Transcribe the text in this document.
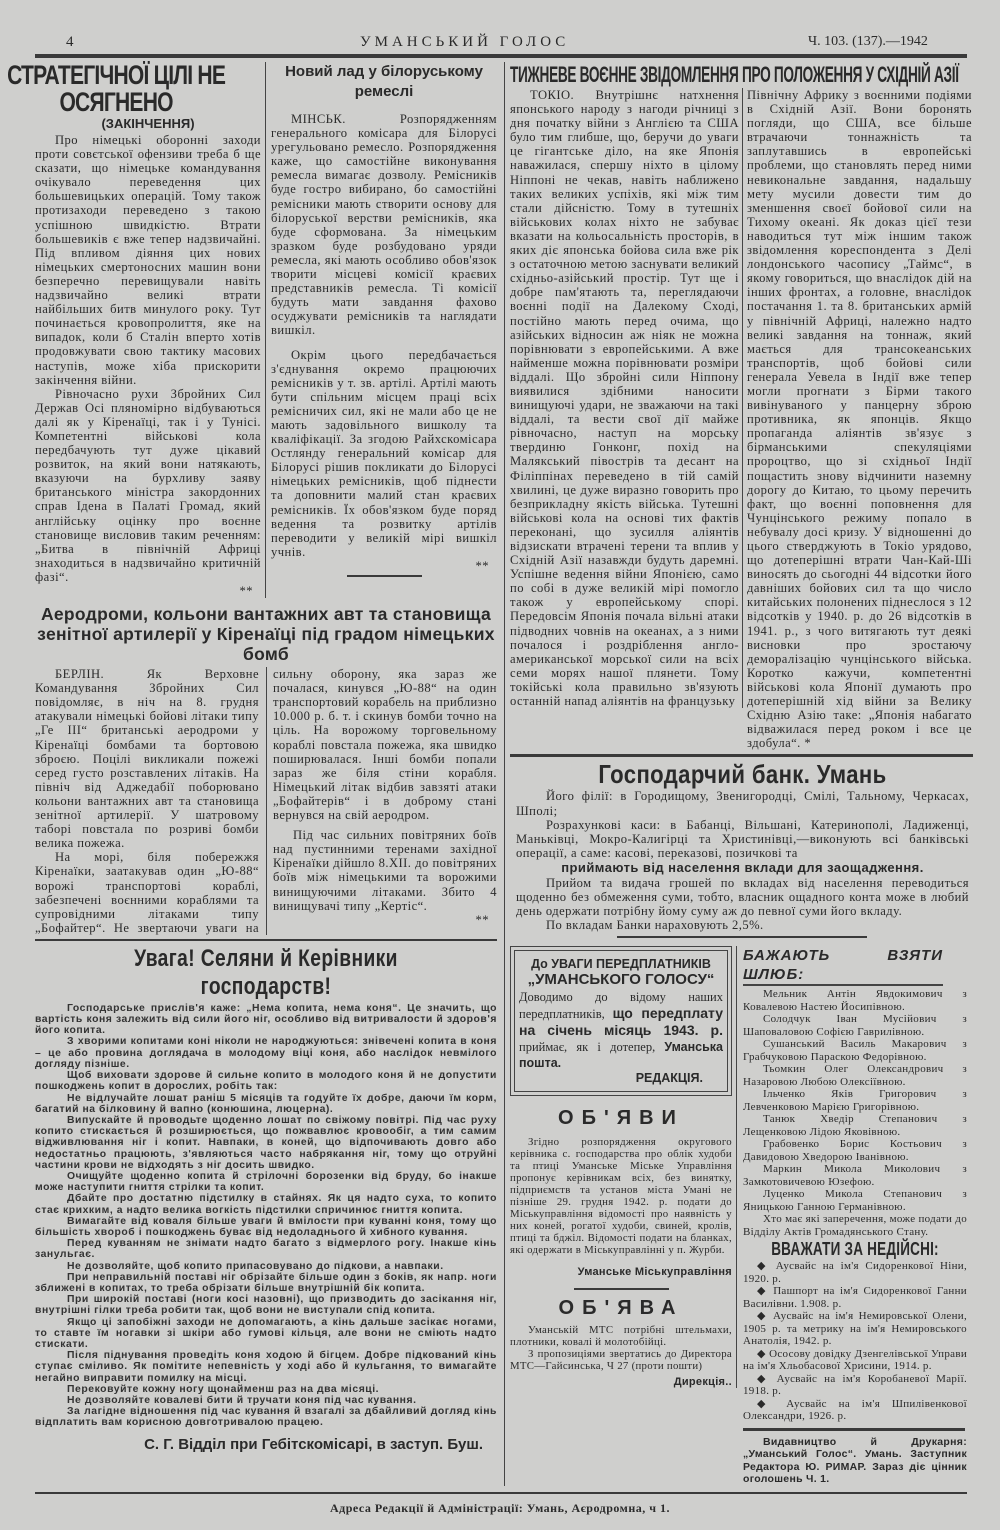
4	УМАНСЬКИЙ ГОЛОС	Ч. 103. (137).—1942
СТРАТЕГІЧНОЇ ЦІЛІ НЕ ОСЯГНЕНО
(ЗАКІНЧЕННЯ)

Про німецькі оборонні заходи проти совєтської офензиви треба б ще сказати, що німецьке командування очікувало переведення цих большевицьких операцій. Тому також протизаходи переведено з такою успішною швидкістю. Втрати большевиків є вже тепер надзвичайні. Під впливом діяння цих нових німецьких смертоносних машин вони безперечно перевищували навіть надзвичайно великі втрати найбільших битв минулого року. Тут починається кровопролиття, яке на випадок, коли б Сталін вперто хотів продовжувати свою тактику масових наступів, може хіба прискорити закінчення війни.

Рівночасно рухи Збройних Сил Держав Осі пляномірно відбуваються далі як у Кіренаїці, так і у Тунісі. Компетентні військові кола передбачують тут дуже цікавий розвиток, на який вони натякають, вказуючи на бурхливу заяву британського міністра закордонних справ Ідена в Палаті Громад, який англійську оцінку про воєнне становище висловив таким реченням: „Битва в північній Африці знаходиться в надзвичайно критичній фазі“.

**
Новий лад у білоруському ремеслі

МІНСЬК. Розпорядженням генерального комісара для Білорусі урегульовано ремесло. Розпорядження каже, що самостійне виконування ремесла вимагає дозволу. Ремісників буде гостро вибирано, бо самостійні ремісники мають створити основу для білоруської верстви ремісників, яка буде сформована. За німецьким зразком буде розбудовано уряди ремесла, які мають особливо обов'язок творити місцеві комісії краєвих представників ремесла. Ті комісії будуть мати завдання фахово осуджувати ремісників та наглядати вишкіл.

Окрім цього передбачається з'єднування окремо працюючих ремісників у т. зв. артілі. Артілі мають бути спільним місцем праці всіх ремісничих сил, які не мали або це не мають задовільного вишколу та кваліфікації. За згодою Райхскомісара Остлянду генеральний комісар для Білорусі рішив покликати до Білорусі німецьких ремісників, щоб піднести та доповнити малий стан краєвих ремісників. Їх обов'язком буде поряд ведення та розвитку артілів переводити у великій мірі вишкіл учнів.

**
Аеродроми, кольони вантажних авт та становища зенітної артилерії у Кіренаїці під градом німецьких бомб

БЕРЛІН. Як Верховне Командування Збройних Сил повідомляє, в ніч на 8. грудня атакували німецькі бойові літаки типу „Ге III“ британські аеродроми у Кіренаїці бомбами та бортовою зброєю. Поцілі викликали пожежі серед густо розставлених літаків. На північ від Аджедабії поборювано кольони вантажних авт та становища зенітної артилерії. У шатровому таборі повстала по розриві бомби велика пожежа.

На морі, біля побережжя Кіренаїки, заатакував один „Ю-88“ ворожі транспортові кораблі, забезпечені воєнними кораблями та супровідними літаками типу „Бофайтер“. Не звертаючи уваги на сильну оборону, яка зараз же почалася, кинувся „Ю-88“ на один транспортовий корабель на приблизно 10.000 р. б. т. і скинув бомби точно на ціль. На ворожому торговельному кораблі повстала пожежа, яка швидко поширювалася. Інші бомби попали зараз же біля стіни корабля. Німецький літак відбив завзяті атаки „Бофайтерів“ і в доброму стані вернувся на свій аеродром.

Під час сильних повітряних боїв над пустинними теренами західної Кіренаїки дійшло 8.XII. до повітряних боїв між німецькими та ворожими винищуючими літаками. Збито 4 винищувачі типу „Кертіс“.

**
Увага! Селяни й Керівники господарств!

Господарське прислів'я каже: „Нема копита, нема коня“. Це значить, що вартість коня залежить від сили його ніг, особливо від витривалости й здоров'я його копита.

З хворими копитами коні ніколи не народжуються: знівечені копита в коня – це або провина доглядача в молодому віці коня, або наслідок невмілого догляду пізніше.

Щоб виховати здорове й сильне копито в молодого коня й не допустити пошкоджень копит в дорослих, робіть так:

Не відлучайте лошат раніш 5 місяців та годуйте їх добре, даючи їм корм, багатий на білковину й вапно (конюшина, люцерна).

Випускайте й проводьте щоденно лошат по свіжому повітрі. Під час руху копито стискається й розширюється, що пожвавлює кровообіг, а тим самим відживлювання ніг і копит. Навпаки, в коней, що відпочивають довго або недостатньо працюють, з'являються часто набрякання ніг, тому що отруйні частини крови не відходять з ніг досить швидко.

Очищуйте щоденно копита й стрілочні борозенки від бруду, бо інакше може наступити гниття стрілки та копит.

Дбайте про достатню підстилку в стайнях. Як ця надто суха, то копито стає крихким, а надто велика вогкість підстилки спричинює гниття копита.

Вимагайте від коваля більше уваги й вмілости при куванні коня, тому що більшість хвороб і пошкоджень буває від недоладнього й хибного кування.

Перед куванням не знімати надто багато з відмерлого рогу. Інакше кінь занульгає.

Не дозволяйте, щоб копито припасовувано до підкови, а навпаки.

При неправильній поставі ніг обрізайте більше один з боків, як напр. ноги зближені в копитах, то треба обрізати більше внутрішній бік копита.

При широкій поставі (ноги косі назовні), що призводить до засікання ніг, внутрішні гілки треба робити так, щоб вони не виступали спід копита.

Якщо ці запобіжні заходи не допомагають, а кінь дальше засікає ногами, то ставте їм ногавки зі шкіри або гумові кільця, але вони не сміють надто стискати.

Після піднування проведіть коня ходою й бігцем. Добре підкований кінь ступає сміливо. Як помітите непевність у ході або й кульгання, то вимагайте негайно виправити помилку на місці.

Перековуйте кожну ногу щонайменш раз на два місяці.

Не дозволяйте ковалеві бити й тручати коня під час кування.

За лагідне відношення під час кування й взагалі за дбайливий догляд кінь відплатить вам корисною довготривалою працею.

С. Г. Відділ при Гебітскомісарі, в заступ. Буш.
ТИЖНЕВЕ ВОЄННЕ ЗВІДОМЛЕННЯ ПРО ПОЛОЖЕННЯ У СХІДНІЙ АЗІЇ

ТОКІО. Внутрішнє натхнення японського народу з нагоди річниці з дня початку війни з Англією та США було тим глибше, що, беручи до уваги це гігантське діло, на яке Японія наважилася, спершу ніхто в цілому Ніппоні не чекав, навіть наближено таких великих успіхів, які між тим стали дійсністю. Тому в тутешніх військових колах ніхто не забуває вказати на кольосальність просторів, в яких діє японська бойова сила вже рік з остаточною метою заснувати великий східньо-азійський простір. Тут ще і добре пам'ятають та, переглядаючи воєнні події на Далекому Сході, постійно мають перед очима, що азійських відносин аж ніяк не можна порівнювати з европейськими. А вже найменше можна порівнювати розміри віддалі. Що збройні сили Ніппону виявилися здібними наносити винищуючі удари, не зважаючи на такі віддалі, та вести свої дії майже рівночасно, наступ на морську твердиню Гонконг, похід на Малякський півострів та десант на Філіппінах переведено в тій самій хвилині, це дуже виразно говорить про безприкладну якість війська. Тутешні військові кола на основі тих фактів переконані, що зусилля аліянтів відзискати втрачені терени та вплив у Східній Азії назавжди будуть даремні. Успішне ведення війни Японією, само по собі в дуже великій мірі помогло також у европейському спорі. Передовсім Японія почала вільні атаки підводних човнів на океанах, а з ними почалося і роздріблення англо-американської морської сили на всіх семи морях нашої плянети. Тому токійські кола правильно зв'язують останній напад аліянтів на французьку

Північну Африку з воєнними подіями в Східній Азії. Вони боронять погляди, що США, все більше втрачаючи тоннажність та заплутавшись в европейські проблеми, що становлять перед ними невикональне завдання, надальшу мету мусили довести тим до зменшення своєї бойової сили на Тихому океані. Як доказ цієї тези наводиться тут між іншим також звідомлення кореспондента з Делі лондонського часопису „Таймс“, в якому говориться, що внаслідок дій на інших фронтах, а головне, внаслідок постачання 1. та 8. британських армій у північній Африці, належно надто великі завдання на тоннаж, який мається для трансокеанських транспортів, щоб бойові сили генерала Уевела в Індії вже тепер могли прогнати з Бірми такого вивінуваного у панцерну зброю противника, як японців. Якщо пропаганда аліянтів зв'язує з бірманськими спекуляціями пророцтво, що зі східньої Індії пощастить знову відчинити наземну дорогу до Китаю, то цьому перечить факт, що воєнні поповнення для Чунцінського режиму попало в небувалу досі кризу. У відношенні до цього стверджують в Токіо урядово, що дотеперішні втрати Чан-Кай-Ші виносять до сьогодні 44 відсотки його давніших бойових сил та що число китайських полонених піднеслося з 12 відсотків у 1940. р. до 26 відсотків в 1941. р., з чого витягають тут деякі висновки про зростаючу деморалізацію чунцінського війська. Коротко кажучи, компетентні військові кола Японії думають про дотеперішній хід війни за Велику Східню Азію таке: „Японія набагато відважилася перед роком і все це здобула“. *

Господарчий банк. Умань

Його філії: в Городищому, Звенигородці, Смілі, Тальному, Черкасах, Шполі;

Розрахункові каси: в Бабанці, Вільшані, Катеринополі, Ладиженці, Маньківці, Мокро-Калигірці та Христинівці,—виконують всі банківські операції, а саме: касові, переказові, позичкові та

приймають від населення вклади для заощадження.

Прийом та видача грошей по вкладах від населення переводиться щоденно без обмеження суми, тобто, власник ощадного конта може в любий день одержати потрібну йому суму аж до певної суми його вкладу.

По вкладам Банки нараховують 2,5%.

До УВАГИ ПЕРЕДПЛАТНИКІВ
„УМАНСЬКОГО ГОЛОСУ“
Доводимо до відому наших передплатників, що передплату на січень місяць 1943. р. приймає, як і дотепер, Уманська пошта.
РЕДАКЦІЯ.
ОБ'ЯВИ

Згідно розпорядження округового керівника с. господарства про облік худоби та птиці Уманське Міське Управління пропонує керівникам всіх, без винятку, підприємств та установ міста Умані не пізніше 29. грудня 1942. р. подати до Міськуправління відомості про наявність у них коней, рогатої худоби, свиней, кролів, птиці та бджіл. Відомості подати на бланках, які одержати в Міськуправлінні у п. Журби.

Уманське Міськуправління
ОБ'ЯВА

Уманській МТС потрібні штельмахи, плотники, ковалі й молотобійці.

З пропозиціями звертатись до Директора МТС—Гайсинська, Ч 27 (проти пошти)

Дирекція..
БАЖАЮТЬ ВЗЯТИ ШЛЮБ:

Мельник Антін Явдокимович з Ковалевою Настею Йосипівною.

Солодчук Іван Мусійович з Шаповаловою Софією Гаврилівною.

Сушанський Василь Макарович з Грабчуковою Параскою Федорівною.

Тьомкин Олег Олександрович з Назаровою Любою Олексіївною.

Ільченко Яків Григорович з Левченковою Марією Григорівною.

Танюк Хведір Степанович з Лещенковою Лідою Яковівною.

Грабовенко Борис Костьович з Давидовою Хведорою Іванівною.

Маркин Микола Миколович з Замкотовичевою Юзефою.

Луценко Микола Степанович з Яницькою Ганною Германівною.

Хто має які заперечення, може подати до Відділу Актів Громадянського Стану.

ВВАЖАТИ ЗА НЕДІЙСНІ:

◆ Аусвайс на ім'я Сидоренкової Ніни, 1920. р.

◆ Пашпорт на ім'я Сидоренкової Ганни Василівни. 1.908. р.

◆ Аусвайс на ім'я Немировської Олени, 1905 р. та метрику на ім'я Немировського Анатолія, 1942. р.

◆ Ососову довідку Дзенгелівської Управи на ім'я Хльобасової Хрисини, 1914. р.

◆ Аусвайс на ім'я Коробаневої Марії. 1918. р.

◆ Аусвайс на ім'я Шпилівенкової Олександри, 1926. р.

Видавництво й Друкарня: „Уманський Голос“. Умань. Заступник Редактора Ю. РИМАР. Зараз діє цінник оголошень Ч. 1.

Адреса Редакції й Адміністрації: Умань, Аєродромна, ч 1.
